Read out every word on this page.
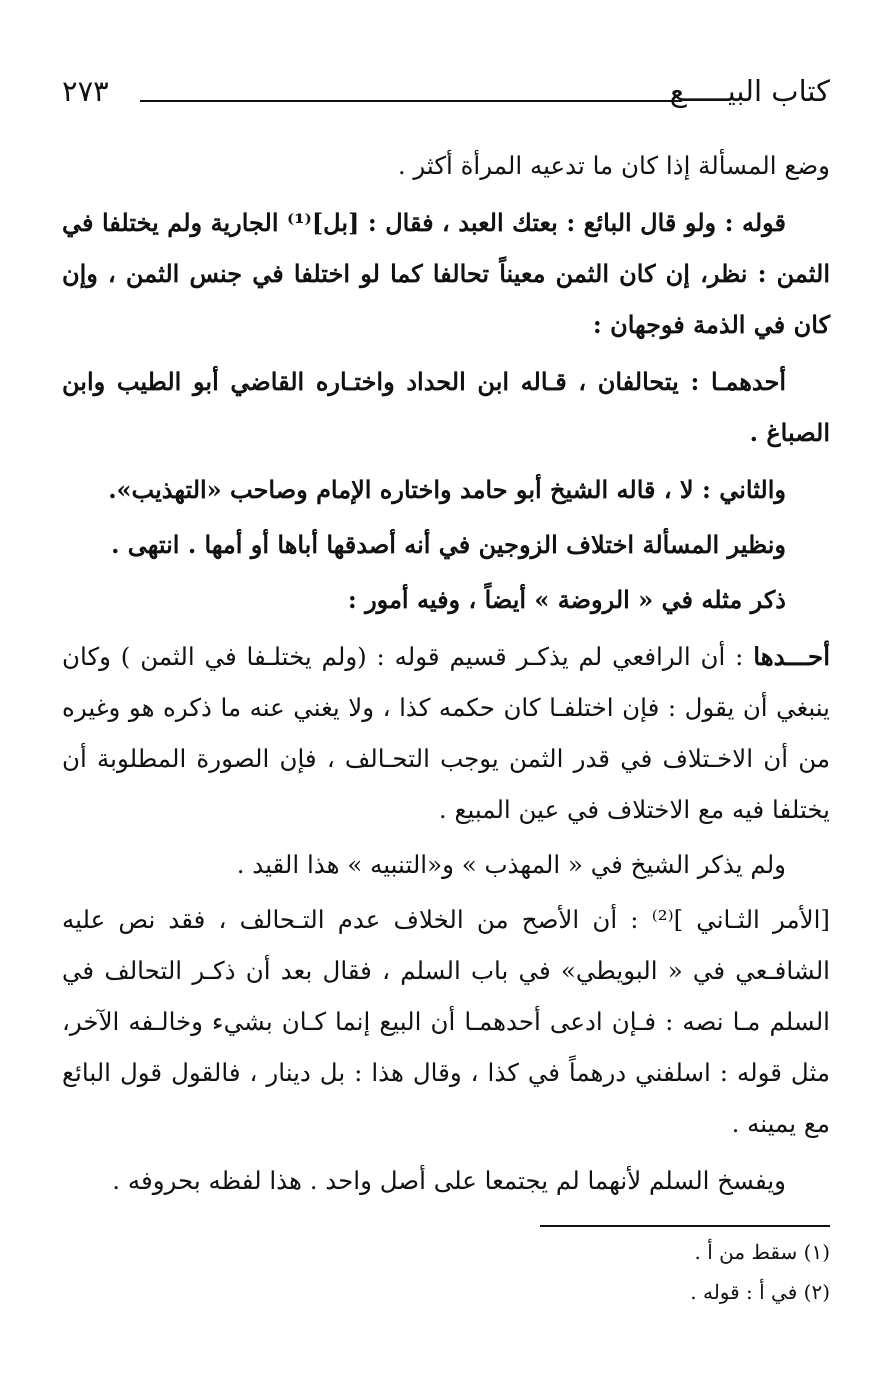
كتاب البيـــــع
٢٧٣

وضع المسألة إذا كان ما تدعيه المرأة أكثر .

قوله : ولو قال البائع : بعتك العبد ، فقال : [بل]⁽¹⁾ الجارية ولم يختلفا في الثمن : نظر، إن كان الثمن معيناً تحالفا كما لو اختلفا في جنس الثمن ، وإن كان في الذمة فوجهان :

أحدهمـا : يتحالفان ، قـاله ابن الحداد واختـاره القاضي أبو الطيب وابن الصباغ .

والثاني : لا ، قاله الشيخ أبو حامد واختاره الإمام وصاحب «التهذيب».

ونظير المسألة اختلاف الزوجين في أنه أصدقها أباها أو أمها . انتهى .

ذكر مثله في « الروضة » أيضاً ، وفيه أمور :

أحـــدها : أن الرافعي لم يذكـر قسيم قوله : (ولم يختلـفا في الثمن ) وكان ينبغي أن يقول : فإن اختلفـا كان حكمه كذا ، ولا يغني عنه ما ذكره هو وغيره من أن الاخـتلاف في قدر الثمن يوجب التحـالف ، فإن الصورة المطلوبة أن يختلفا فيه مع الاختلاف في عين المبيع .

ولم يذكر الشيخ في « المهذب » و«التنبيه » هذا القيد .

[الأمر الثـاني ]⁽²⁾ : أن الأصح من الخلاف عدم التـحالف ، فقد نص عليه الشافـعي في « البويطي» في باب السلم ، فقال بعد أن ذكـر التحالف في السلم مـا نصه : فـإن ادعى أحدهمـا أن البيع إنما كـان بشيء وخالـفه الآخر، مثل قوله : اسلفني درهماً في كذا ، وقال هذا : بل دينار ، فالقول قول البائع مع يمينه .

ويفسخ السلم لأنهما لم يجتمعا على أصل واحد . هذا لفظه بحروفه .

(١) سقط من أ .

(٢) في أ : قوله .
